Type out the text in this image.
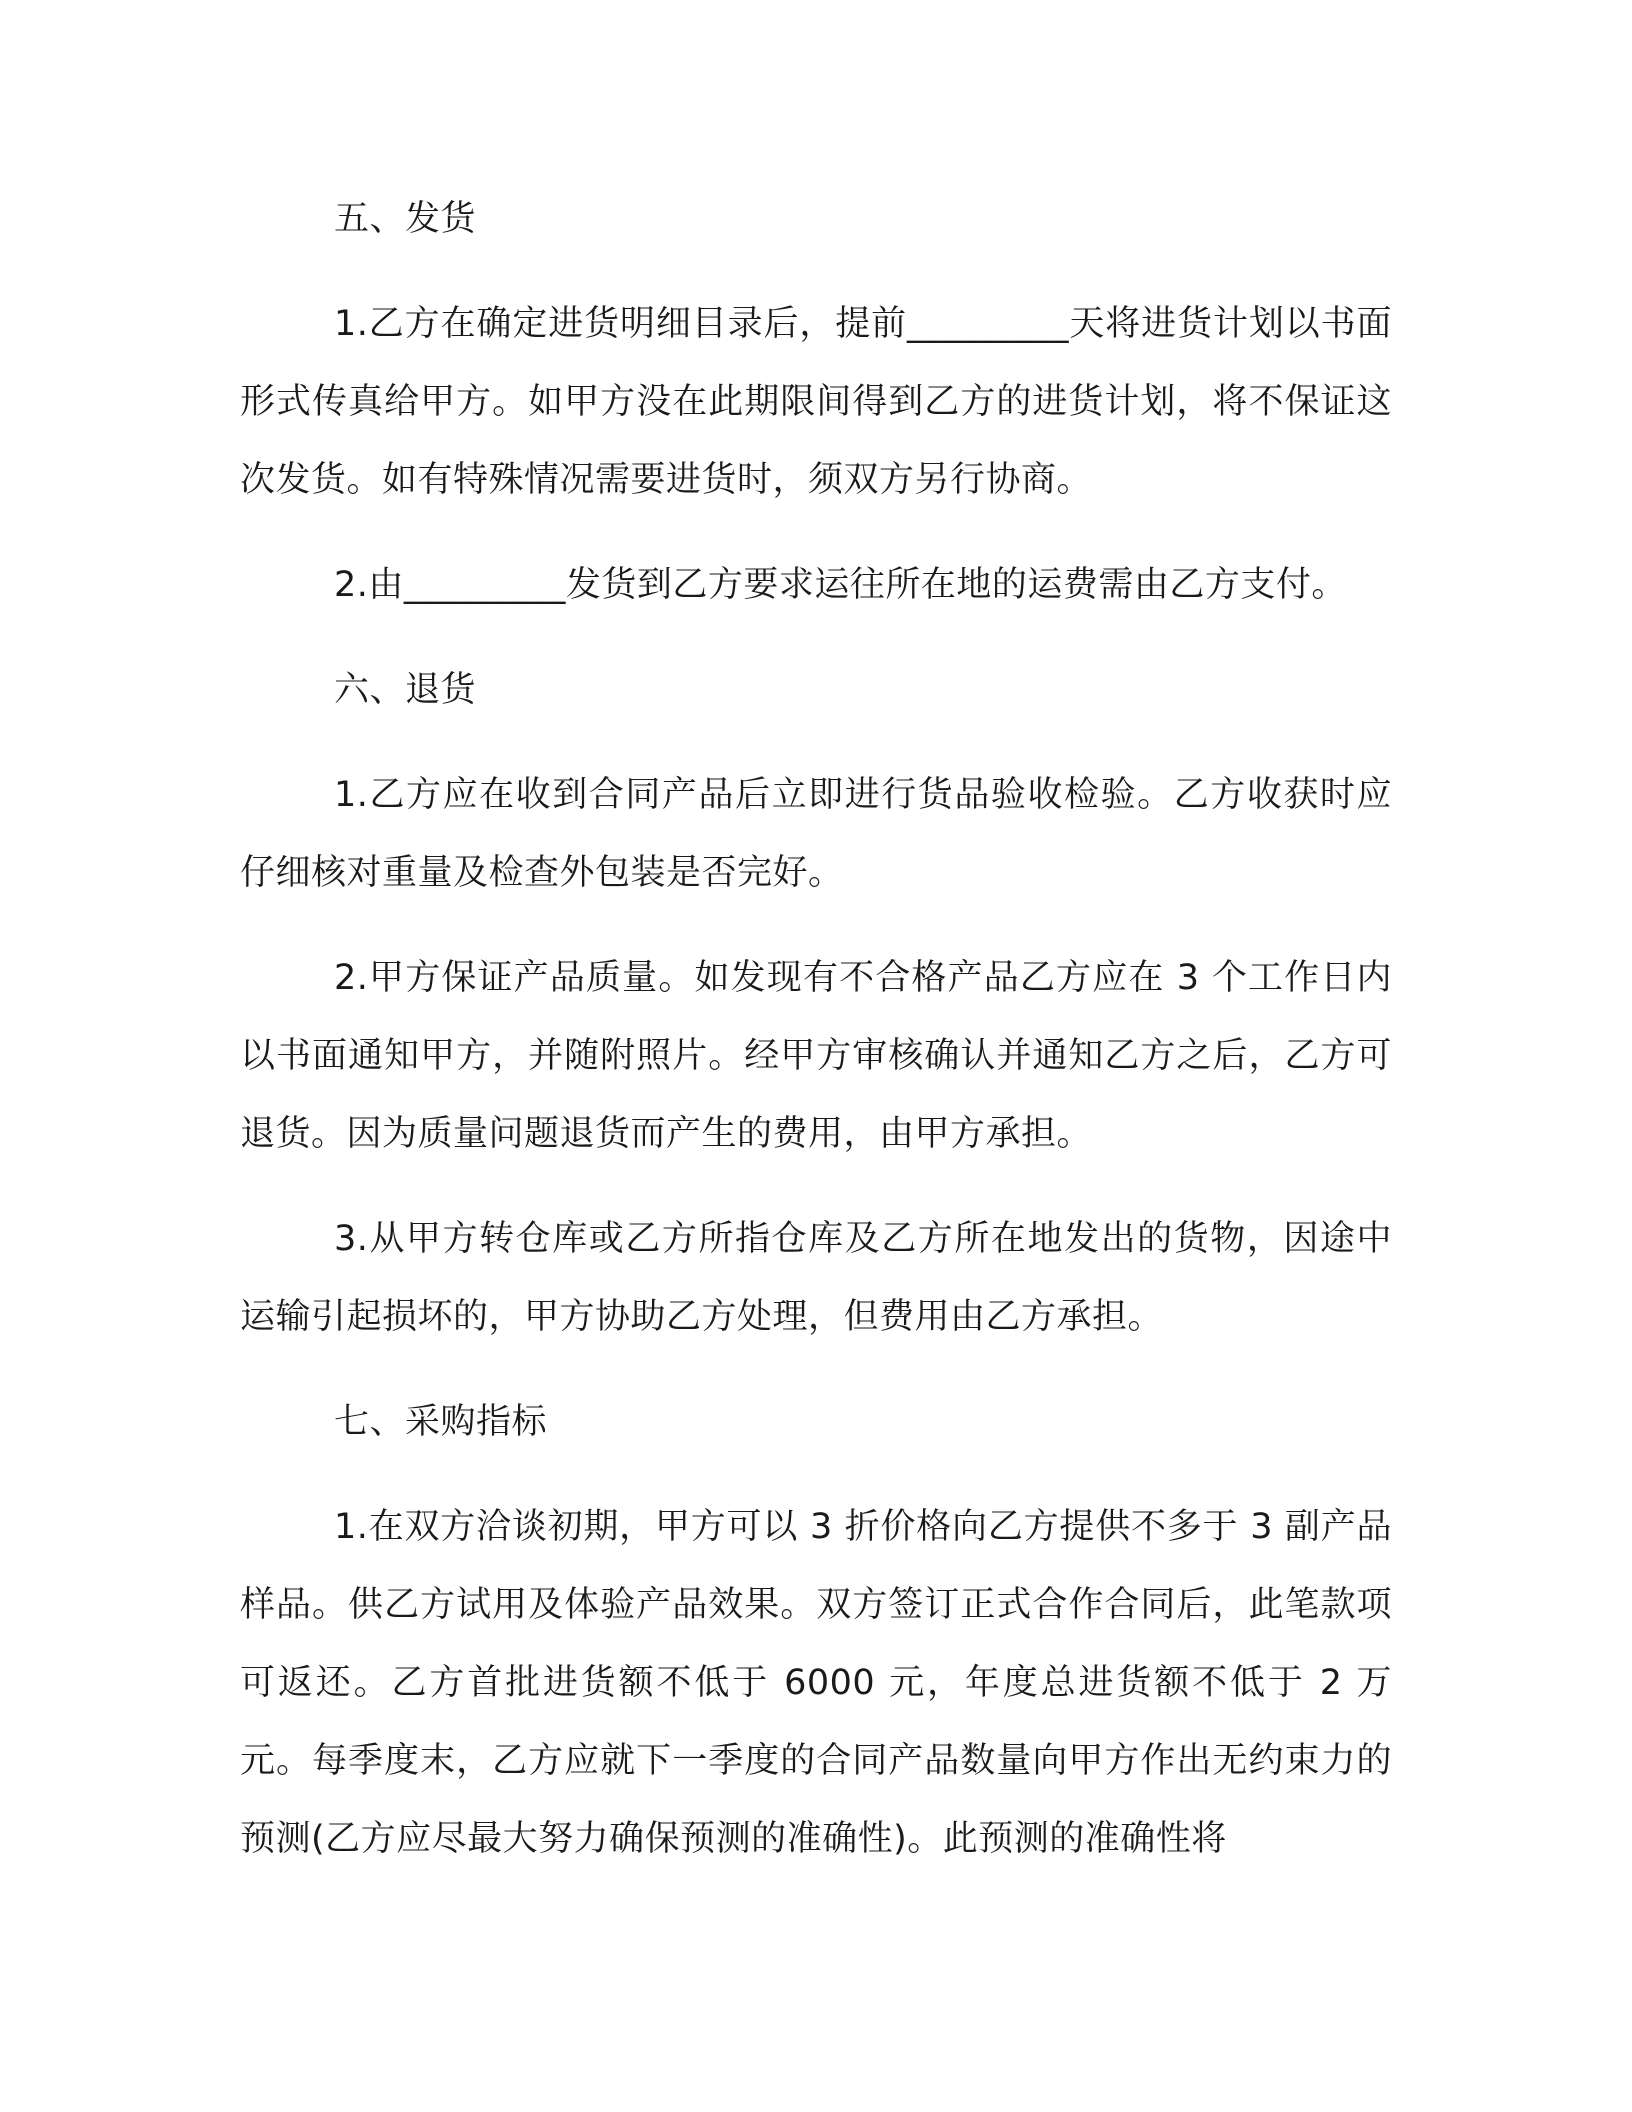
五、发货

1.乙方在确定进货明细目录后，提前_________天将进货计划以书面形式传真给甲方。如甲方没在此期限间得到乙方的进货计划，将不保证这次发货。如有特殊情况需要进货时，须双方另行协商。

2.由_________发货到乙方要求运往所在地的运费需由乙方支付。

六、退货

1.乙方应在收到合同产品后立即进行货品验收检验。乙方收获时应仔细核对重量及检查外包装是否完好。

2.甲方保证产品质量。如发现有不合格产品乙方应在 3 个工作日内以书面通知甲方，并随附照片。经甲方审核确认并通知乙方之后，乙方可退货。因为质量问题退货而产生的费用，由甲方承担。

3.从甲方转仓库或乙方所指仓库及乙方所在地发出的货物，因途中运输引起损坏的，甲方协助乙方处理，但费用由乙方承担。

七、采购指标

1.在双方洽谈初期，甲方可以 3 折价格向乙方提供不多于 3 副产品样品。供乙方试用及体验产品效果。双方签订正式合作合同后，此笔款项可返还。乙方首批进货额不低于 6000 元，年度总进货额不低于 2 万元。每季度末，乙方应就下一季度的合同产品数量向甲方作出无约束力的预测(乙方应尽最大努力确保预测的准确性)。此预测的准确性将
